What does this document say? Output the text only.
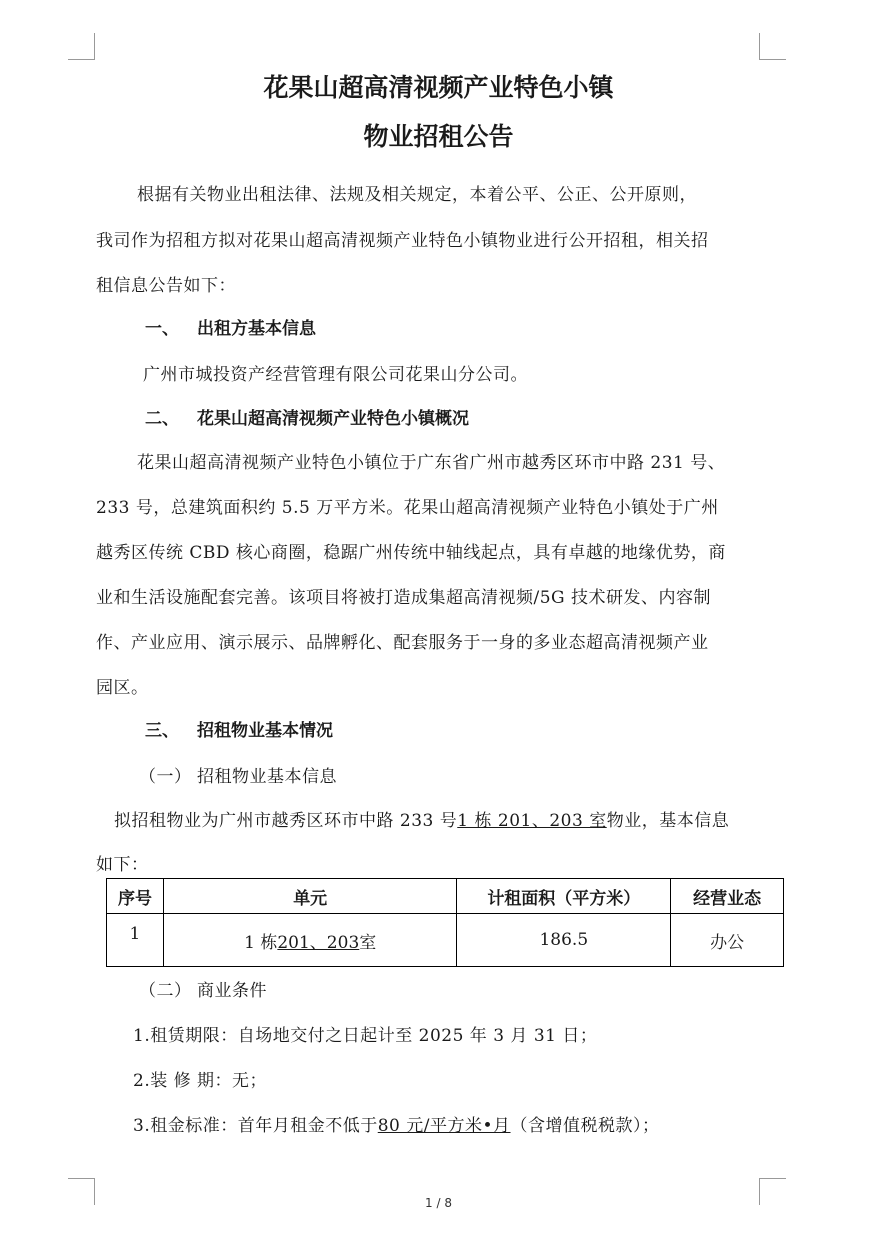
花果山超高清视频产业特色小镇
物业招租公告
根据有关物业出租法律、法规及相关规定，本着公平、公正、公开原则，
我司作为招租方拟对花果山超高清视频产业特色小镇物业进行公开招租，相关招
租信息公告如下：
一、 出租方基本信息
广州市城投资产经营管理有限公司花果山分公司。
二、 花果山超高清视频产业特色小镇概况
花果山超高清视频产业特色小镇位于广东省广州市越秀区环市中路 231 号、
233 号，总建筑面积约 5.5 万平方米。花果山超高清视频产业特色小镇处于广州
越秀区传统 CBD 核心商圈，稳踞广州传统中轴线起点，具有卓越的地缘优势，商
业和生活设施配套完善。该项目将被打造成集超高清视频/5G 技术研发、内容制
作、产业应用、演示展示、品牌孵化、配套服务于一身的多业态超高清视频产业
园区。
三、 招租物业基本情况
（一） 招租物业基本信息
拟招租物业为广州市越秀区环市中路 233 号1 栋 201、203 室物业，基本信息
如下：
序号	单元	计租面积（平方米）	经营业态
1	1 栋201、203室	186.5	办公
（二） 商业条件
1.租赁期限：自场地交付之日起计至 2025 年 3 月 31 日；
2.装 修 期：无；
3.租金标准：首年月租金不低于80 元/平方米•月（含增值税税款）；
1 / 8
